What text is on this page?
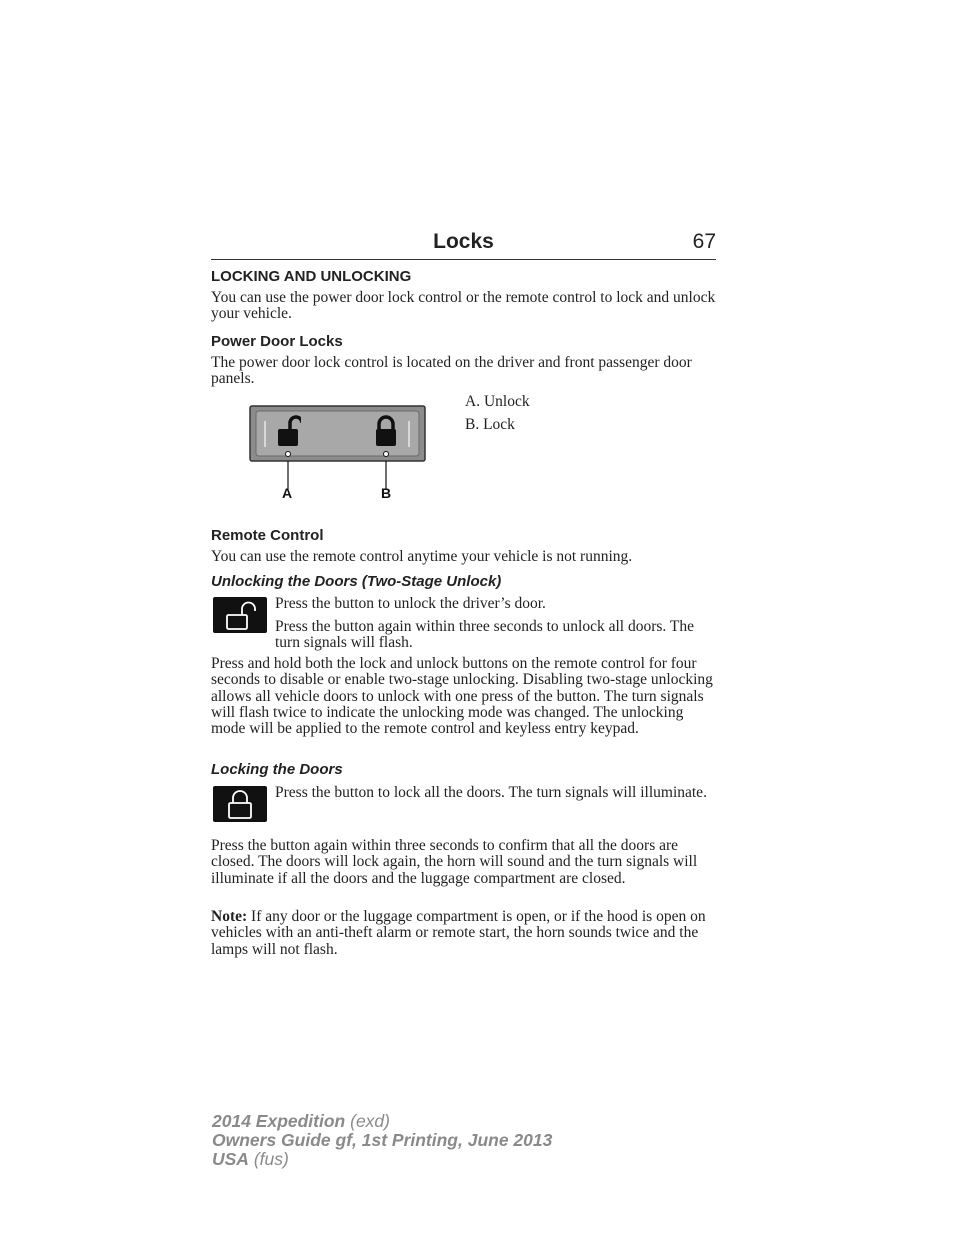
Locks	67
LOCKING AND UNLOCKING

You can use the power door lock control or the remote control to lock and unlock your vehicle.

Power Door Locks

The power door lock control is located on the driver and front passenger door panels.

A	B
A. Unlock
B. Lock
Remote Control

You can use the remote control anytime your vehicle is not running.

Unlocking the Doors (Two-Stage Unlock)

Press the button to unlock the driver’s door.

Press the button again within three seconds to unlock all doors. The turn signals will flash.

Press and hold both the lock and unlock buttons on the remote control for four seconds to disable or enable two-stage unlocking. Disabling two-stage unlocking allows all vehicle doors to unlock with one press of the button. The turn signals will flash twice to indicate the unlocking mode was changed. The unlocking mode will be applied to the remote control and keyless entry keypad.

Locking the Doors

Press the button to lock all the doors. The turn signals will illuminate.

Press the button again within three seconds to confirm that all the doors are closed. The doors will lock again, the horn will sound and the turn signals will illuminate if all the doors and the luggage compartment are closed.

Note: If any door or the luggage compartment is open, or if the hood is open on vehicles with an anti-theft alarm or remote start, the horn sounds twice and the lamps will not flash.

2014 Expedition (exd)
Owners Guide gf, 1st Printing, June 2013
USA (fus)
